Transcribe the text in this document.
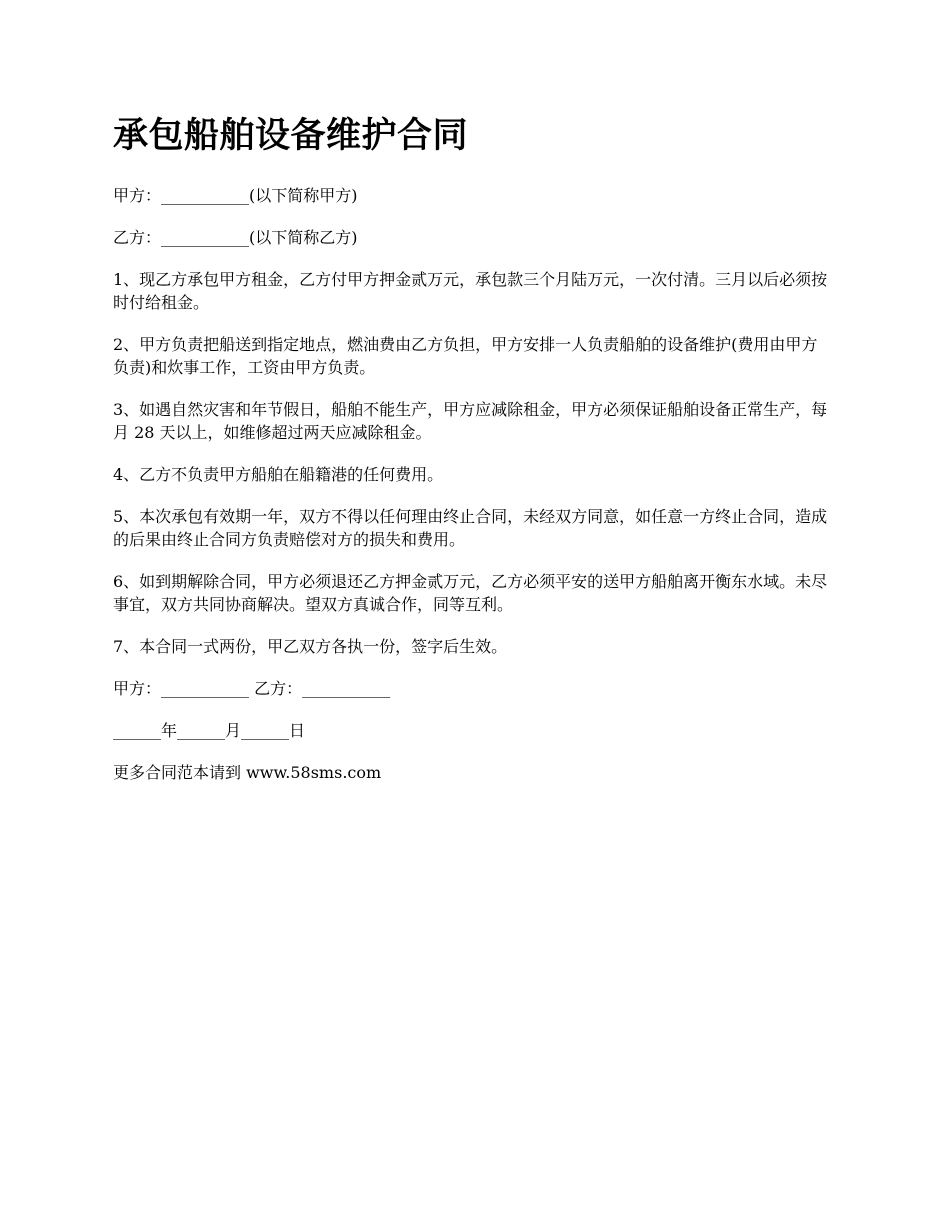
承包船舶设备维护合同

甲方：___________(以下简称甲方)

乙方：___________(以下简称乙方)

1、现乙方承包甲方租金，乙方付甲方押金贰万元，承包款三个月陆万元，一次付清。三月以后必须按时付给租金。

2、甲方负责把船送到指定地点，燃油费由乙方负担，甲方安排一人负责船舶的设备维护(费用由甲方负责)和炊事工作，工资由甲方负责。

3、如遇自然灾害和年节假日，船舶不能生产，甲方应减除租金，甲方必须保证船舶设备正常生产，每月 28 天以上，如维修超过两天应减除租金。

4、乙方不负责甲方船舶在船籍港的任何费用。

5、本次承包有效期一年，双方不得以任何理由终止合同，未经双方同意，如任意一方终止合同，造成的后果由终止合同方负责赔偿对方的损失和费用。

6、如到期解除合同，甲方必须退还乙方押金贰万元，乙方必须平安的送甲方船舶离开衡东水域。未尽事宜，双方共同协商解决。望双方真诚合作，同等互利。

7、本合同一式两份，甲乙双方各执一份，签字后生效。

甲方：___________ 乙方：___________

______年______月______日

更多合同范本请到 www.58sms.com
